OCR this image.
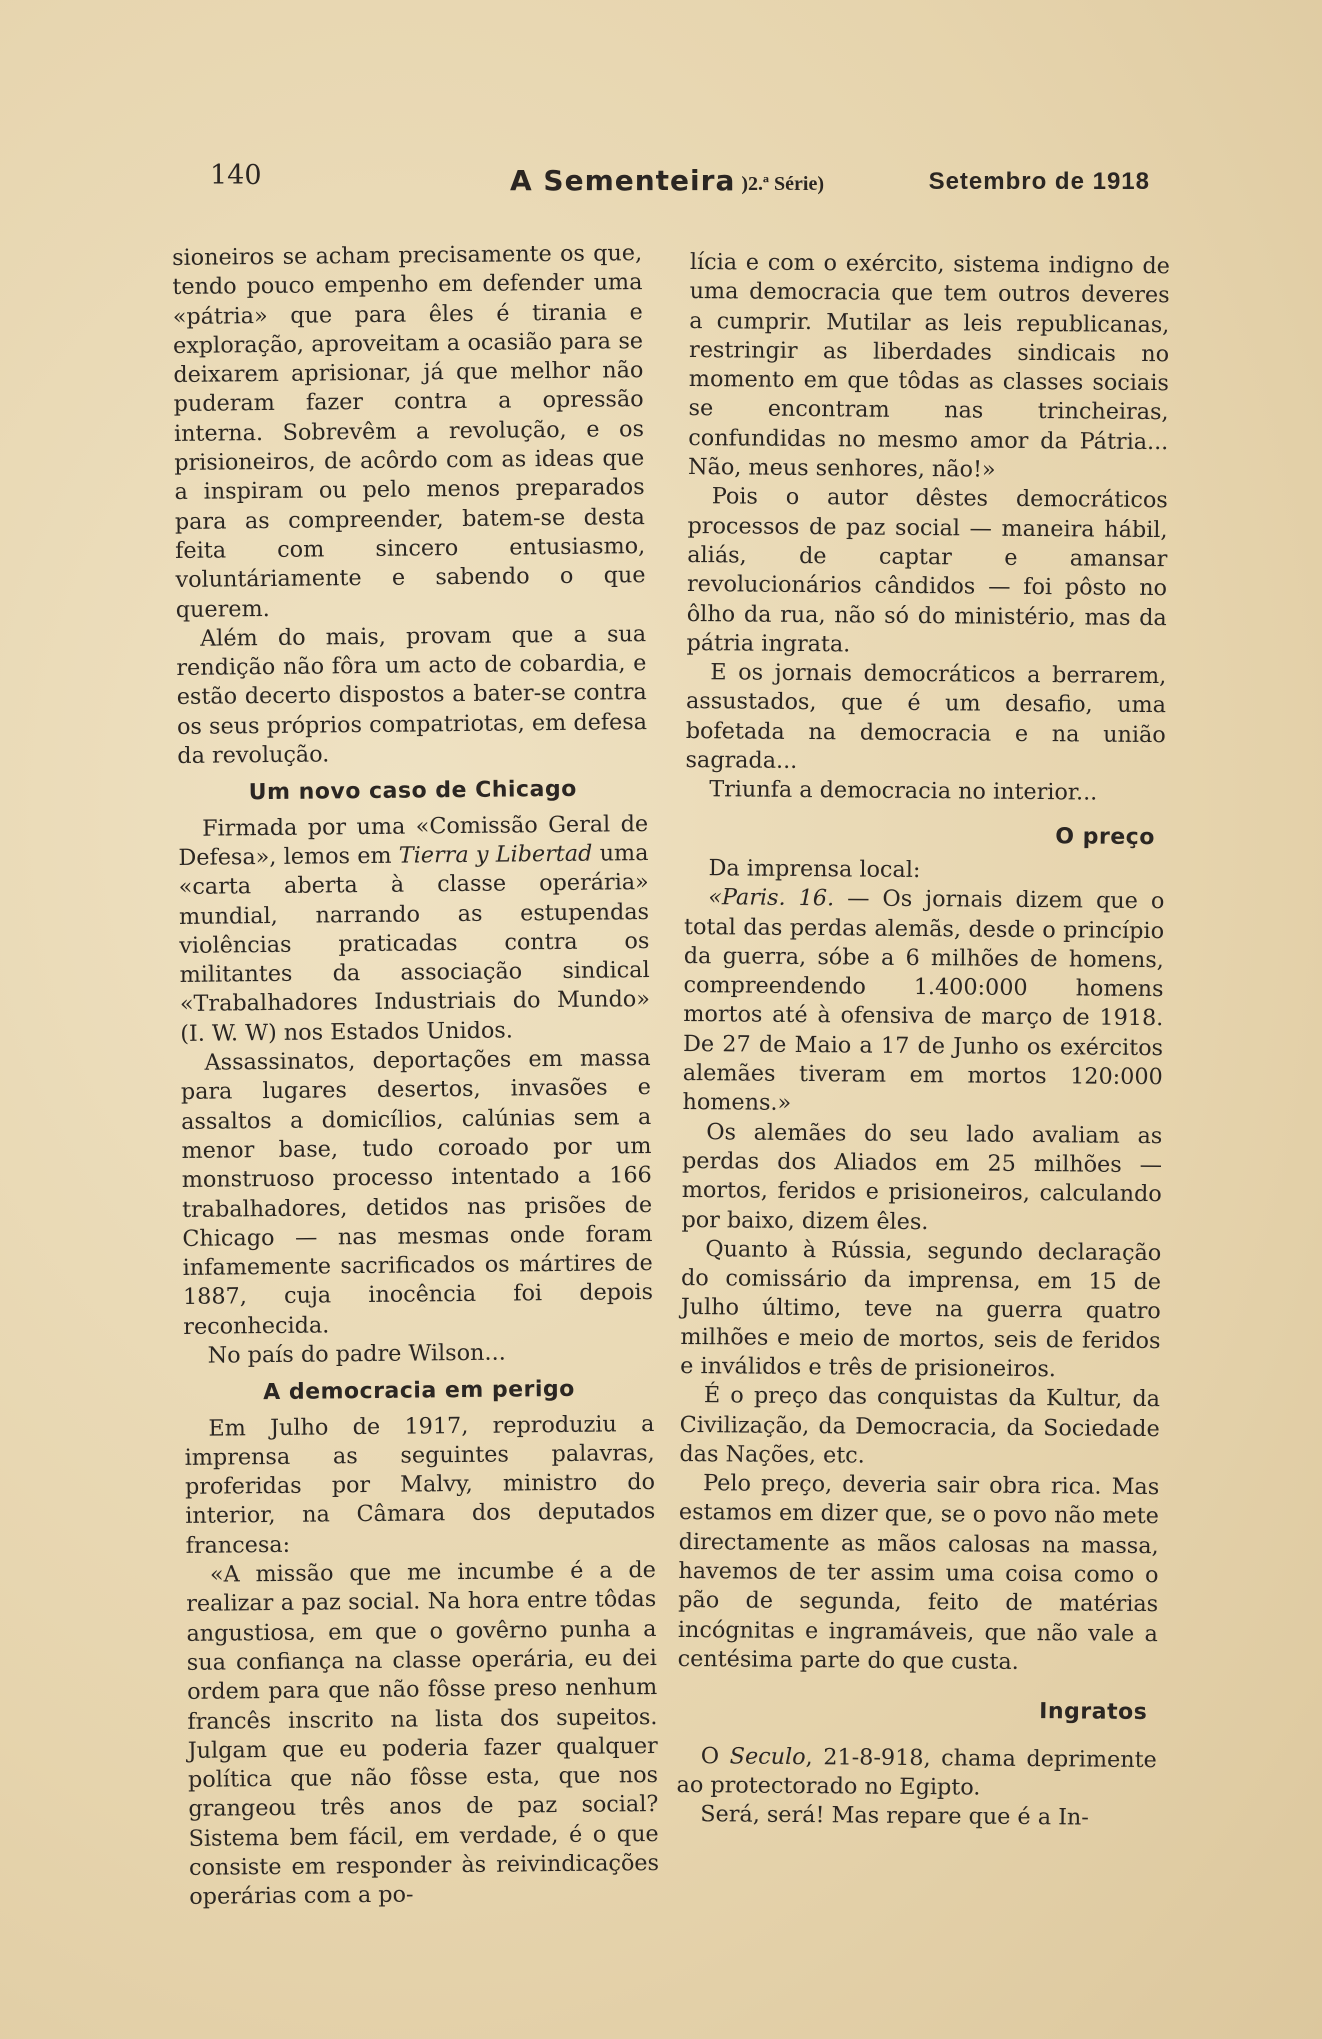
140	A Sementeira )2.ª Série)	Setembro de 1918

sioneiros se acham precisamente os que, tendo pouco empenho em defender uma «pátria» que para êles é tirania e exploração, aproveitam a ocasião para se deixarem aprisionar, já que melhor não puderam fazer contra a opressão interna. Sobrevêm a revolução, e os prisioneiros, de acôrdo com as ideas que a inspiram ou pelo menos preparados para as compreender, batem-se desta feita com sincero entusiasmo, voluntáriamente e sabendo o que querem.

Além do mais, provam que a sua rendição não fôra um acto de cobardia, e estão decerto dispostos a bater-se contra os seus próprios compatriotas, em defesa da revolução.

Um novo caso de Chicago

Firmada por uma «Comissão Geral de Defesa», lemos em Tierra y Libertad uma «carta aberta à classe operária» mundial, narrando as estupendas violências praticadas contra os militantes da associação sindical «Trabalhadores Industriais do Mundo» (I. W. W) nos Estados Unidos.

Assassinatos, deportações em massa para lugares desertos, invasões e assaltos a domicílios, calúnias sem a menor base, tudo coroado por um monstruoso processo intentado a 166 trabalhadores, detidos nas prisões de Chicago — nas mesmas onde foram infamemente sacrificados os mártires de 1887, cuja inocência foi depois reconhecida.

No país do padre Wilson...

A democracia em perigo

Em Julho de 1917, reproduziu a imprensa as seguintes palavras, proferidas por Malvy, ministro do interior, na Câmara dos deputados francesa:

«A missão que me incumbe é a de realizar a paz social. Na hora entre tôdas angustiosa, em que o govêrno punha a sua confiança na classe operária, eu dei ordem para que não fôsse preso nenhum francês inscrito na lista dos supeitos. Julgam que eu poderia fazer qualquer política que não fôsse esta, que nos grangeou três anos de paz social? Sistema bem fácil, em verdade, é o que consiste em responder às reivindicações operárias com a po-

lícia e com o exército, sistema indigno de uma democracia que tem outros deveres a cumprir. Mutilar as leis republicanas, restringir as liberdades sindicais no momento em que tôdas as classes sociais se encontram nas trincheiras, confundidas no mesmo amor da Pátria... Não, meus senhores, não!»

Pois o autor dêstes democráticos processos de paz social — maneira hábil, aliás, de captar e amansar revolucionários cândidos — foi pôsto no ôlho da rua, não só do ministério, mas da pátria ingrata.

E os jornais democráticos a berrarem, assustados, que é um desafio, uma bofetada na democracia e na união sagrada...

Triunfa a democracia no interior...

O preço

Da imprensa local:

«Paris. 16. — Os jornais dizem que o total das perdas alemãs, desde o princípio da guerra, sóbe a 6 milhões de homens, compreendendo 1.400:000 homens mortos até à ofensiva de março de 1918. De 27 de Maio a 17 de Junho os exércitos alemães tiveram em mortos 120:000 homens.»

Os alemães do seu lado avaliam as perdas dos Aliados em 25 milhões — mortos, feridos e prisioneiros, calculando por baixo, dizem êles.

Quanto à Rússia, segundo declaração do comissário da imprensa, em 15 de Julho último, teve na guerra quatro milhões e meio de mortos, seis de feridos e inválidos e três de prisioneiros.

É o preço das conquistas da Kultur, da Civilização, da Democracia, da Sociedade das Nações, etc.

Pelo preço, deveria sair obra rica. Mas estamos em dizer que, se o povo não mete directamente as mãos calosas na massa, havemos de ter assim uma coisa como o pão de segunda, feito de matérias incógnitas e ingramáveis, que não vale a centésima parte do que custa.

Ingratos

O Seculo, 21-8-918, chama deprimente ao protectorado no Egipto.

Será, será! Mas repare que é a In-
